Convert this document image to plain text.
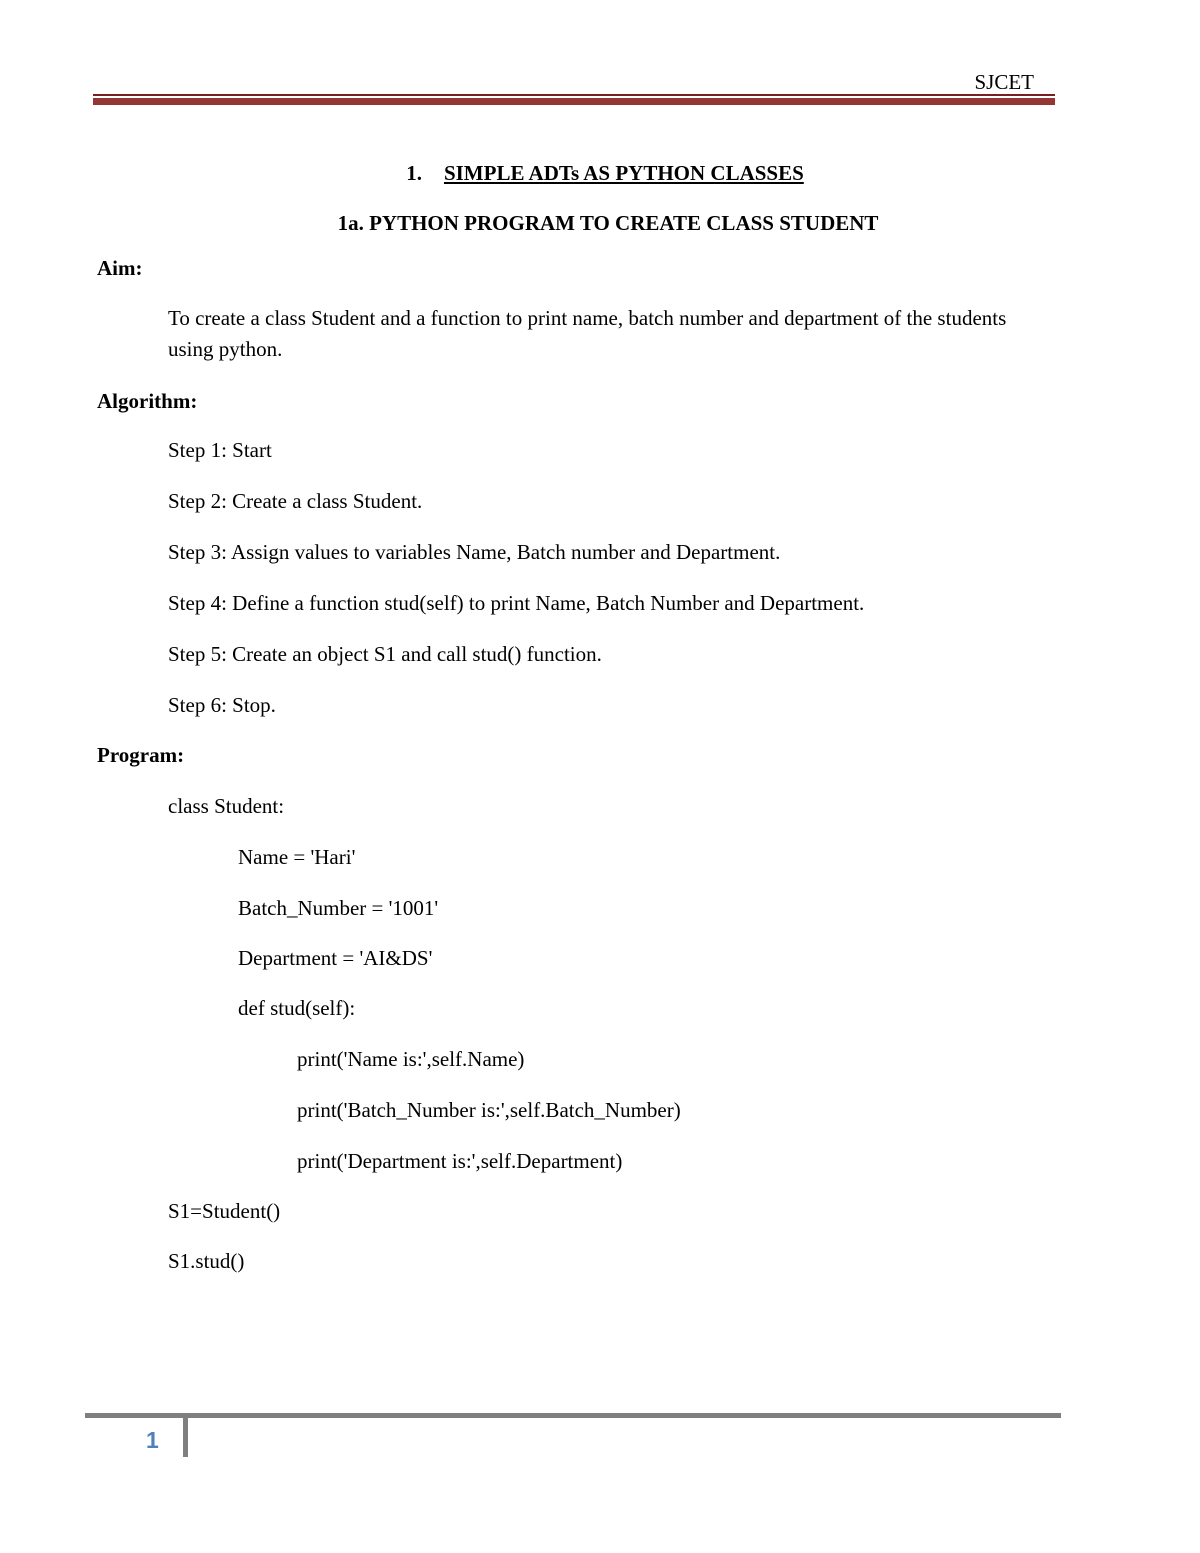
SJCET
1. SIMPLE ADTs AS PYTHON CLASSES
1a. PYTHON PROGRAM TO CREATE CLASS STUDENT
Aim:
To create a class Student and a function to print name, batch number and department of the students using python.
Algorithm:
Step 1: Start
Step 2: Create a class Student.
Step 3: Assign values to variables Name, Batch number and Department.
Step 4: Define a function stud(self) to print Name, Batch Number and Department.
Step 5: Create an object S1 and call stud() function.
Step 6: Stop.
Program:
class Student:
Name = 'Hari'
Batch_Number = '1001'
Department = 'AI&DS'
def stud(self):
print('Name is:',self.Name)
print('Batch_Number is:',self.Batch_Number)
print('Department is:',self.Department)
S1=Student()
S1.stud()
1
